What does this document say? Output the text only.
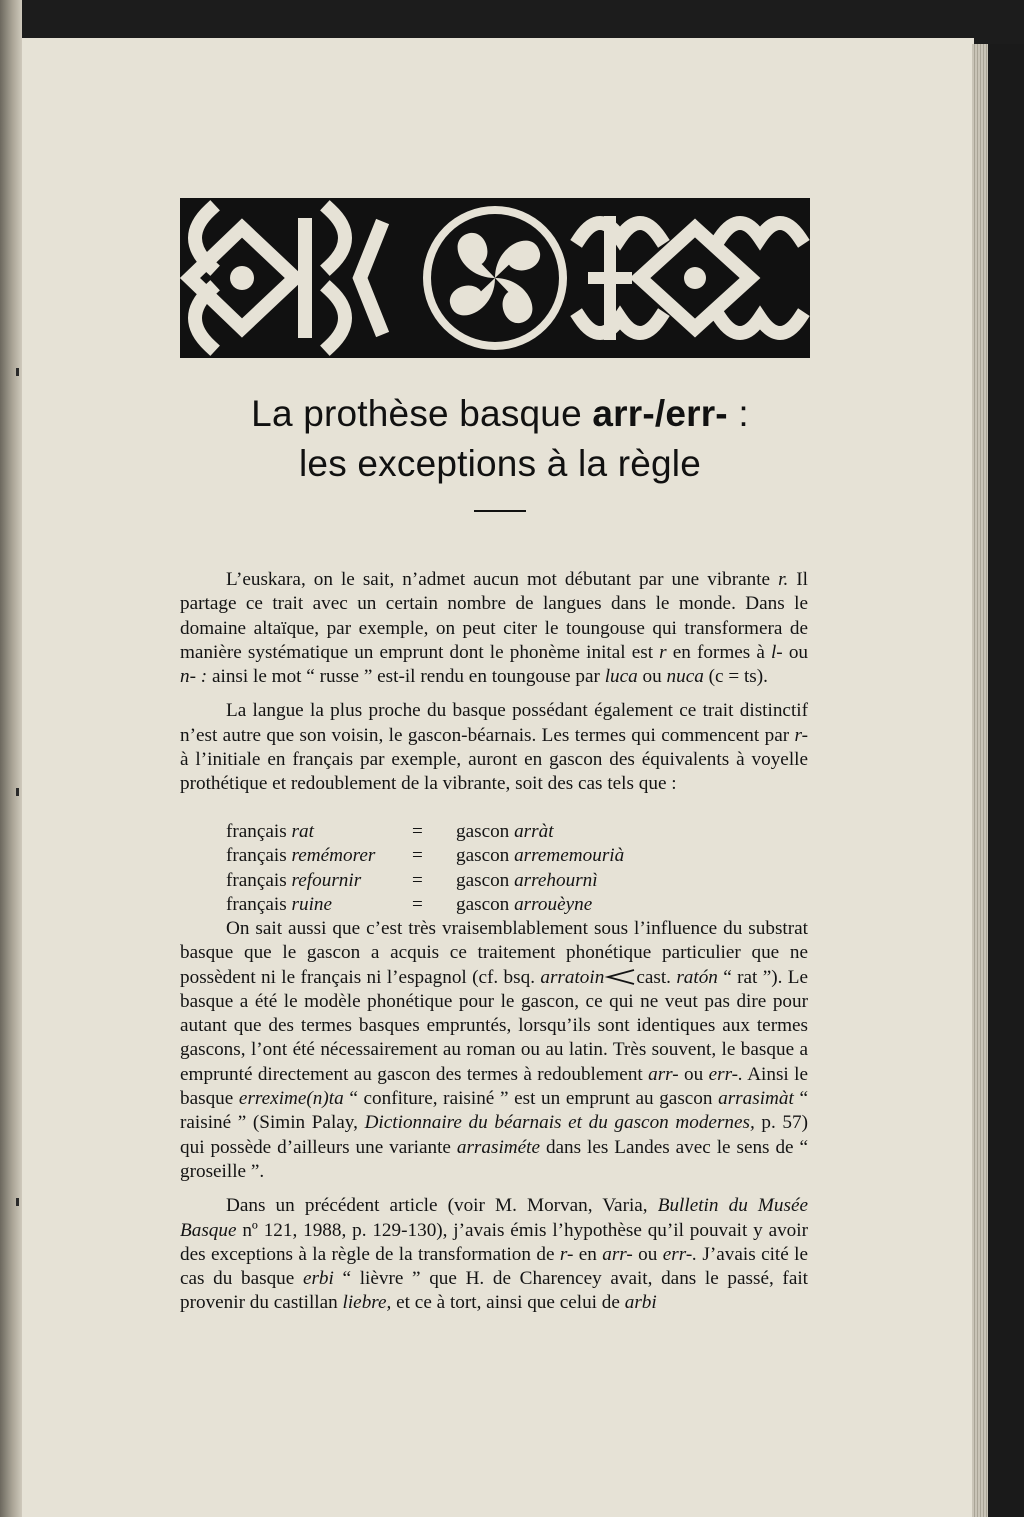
La prothèse basque arr-/err- :
les exceptions à la règle

L’euskara, on le sait, n’admet aucun mot débutant par une vibrante r. Il partage ce trait avec un certain nombre de langues dans le monde. Dans le domaine altaïque, par exemple, on peut citer le toungouse qui transformera de manière systématique un emprunt dont le phonème inital est r en formes à l- ou n- : ainsi le mot “ russe ” est-il rendu en toungouse par luca ou nuca (c = ts).

La langue la plus proche du basque possédant également ce trait distinctif n’est autre que son voisin, le gascon-béarnais. Les termes qui commencent par r- à l’initiale en français par exemple, auront en gascon des équivalents à voyelle prothétique et redoublement de la vibrante, soit des cas tels que :

français rat	= gascon arràt
français remémorer = gascon arrememourià
français refournir	= gascon arrehournì
français ruine	= gascon arrouèyne

On sait aussi que c’est très vraisemblablement sous l’influence du substrat basque que le gascon a acquis ce traitement phonétique particulier que ne possèdent ni le français ni l’espagnol (cf. bsq. arratoin cast. ratón “ rat ”). Le basque a été le modèle phonétique pour le gascon, ce qui ne veut pas dire pour autant que des termes basques empruntés, lorsqu’ils sont identiques aux termes gascons, l’ont été nécessairement au roman ou au latin. Très souvent, le basque a emprunté directement au gascon des termes à redoublement arr- ou err-. Ainsi le basque errexime(n)ta “ confiture, raisiné ” est un emprunt au gascon arrasimàt “ raisiné ” (Simin Palay, Dictionnaire du béarnais et du gascon modernes, p. 57) qui possède d’ailleurs une variante arrasiméte dans les Landes avec le sens de “ groseille ”.

Dans un précédent article (voir M. Morvan, Varia, Bulletin du Musée Basque nº 121, 1988, p. 129-130), j’avais émis l’hypothèse qu’il pouvait y avoir des exceptions à la règle de la transformation de r- en arr- ou err-. J’avais cité le cas du basque erbi “ lièvre ” que H. de Charencey avait, dans le passé, fait provenir du castillan liebre, et ce à tort, ainsi que celui de arbi
